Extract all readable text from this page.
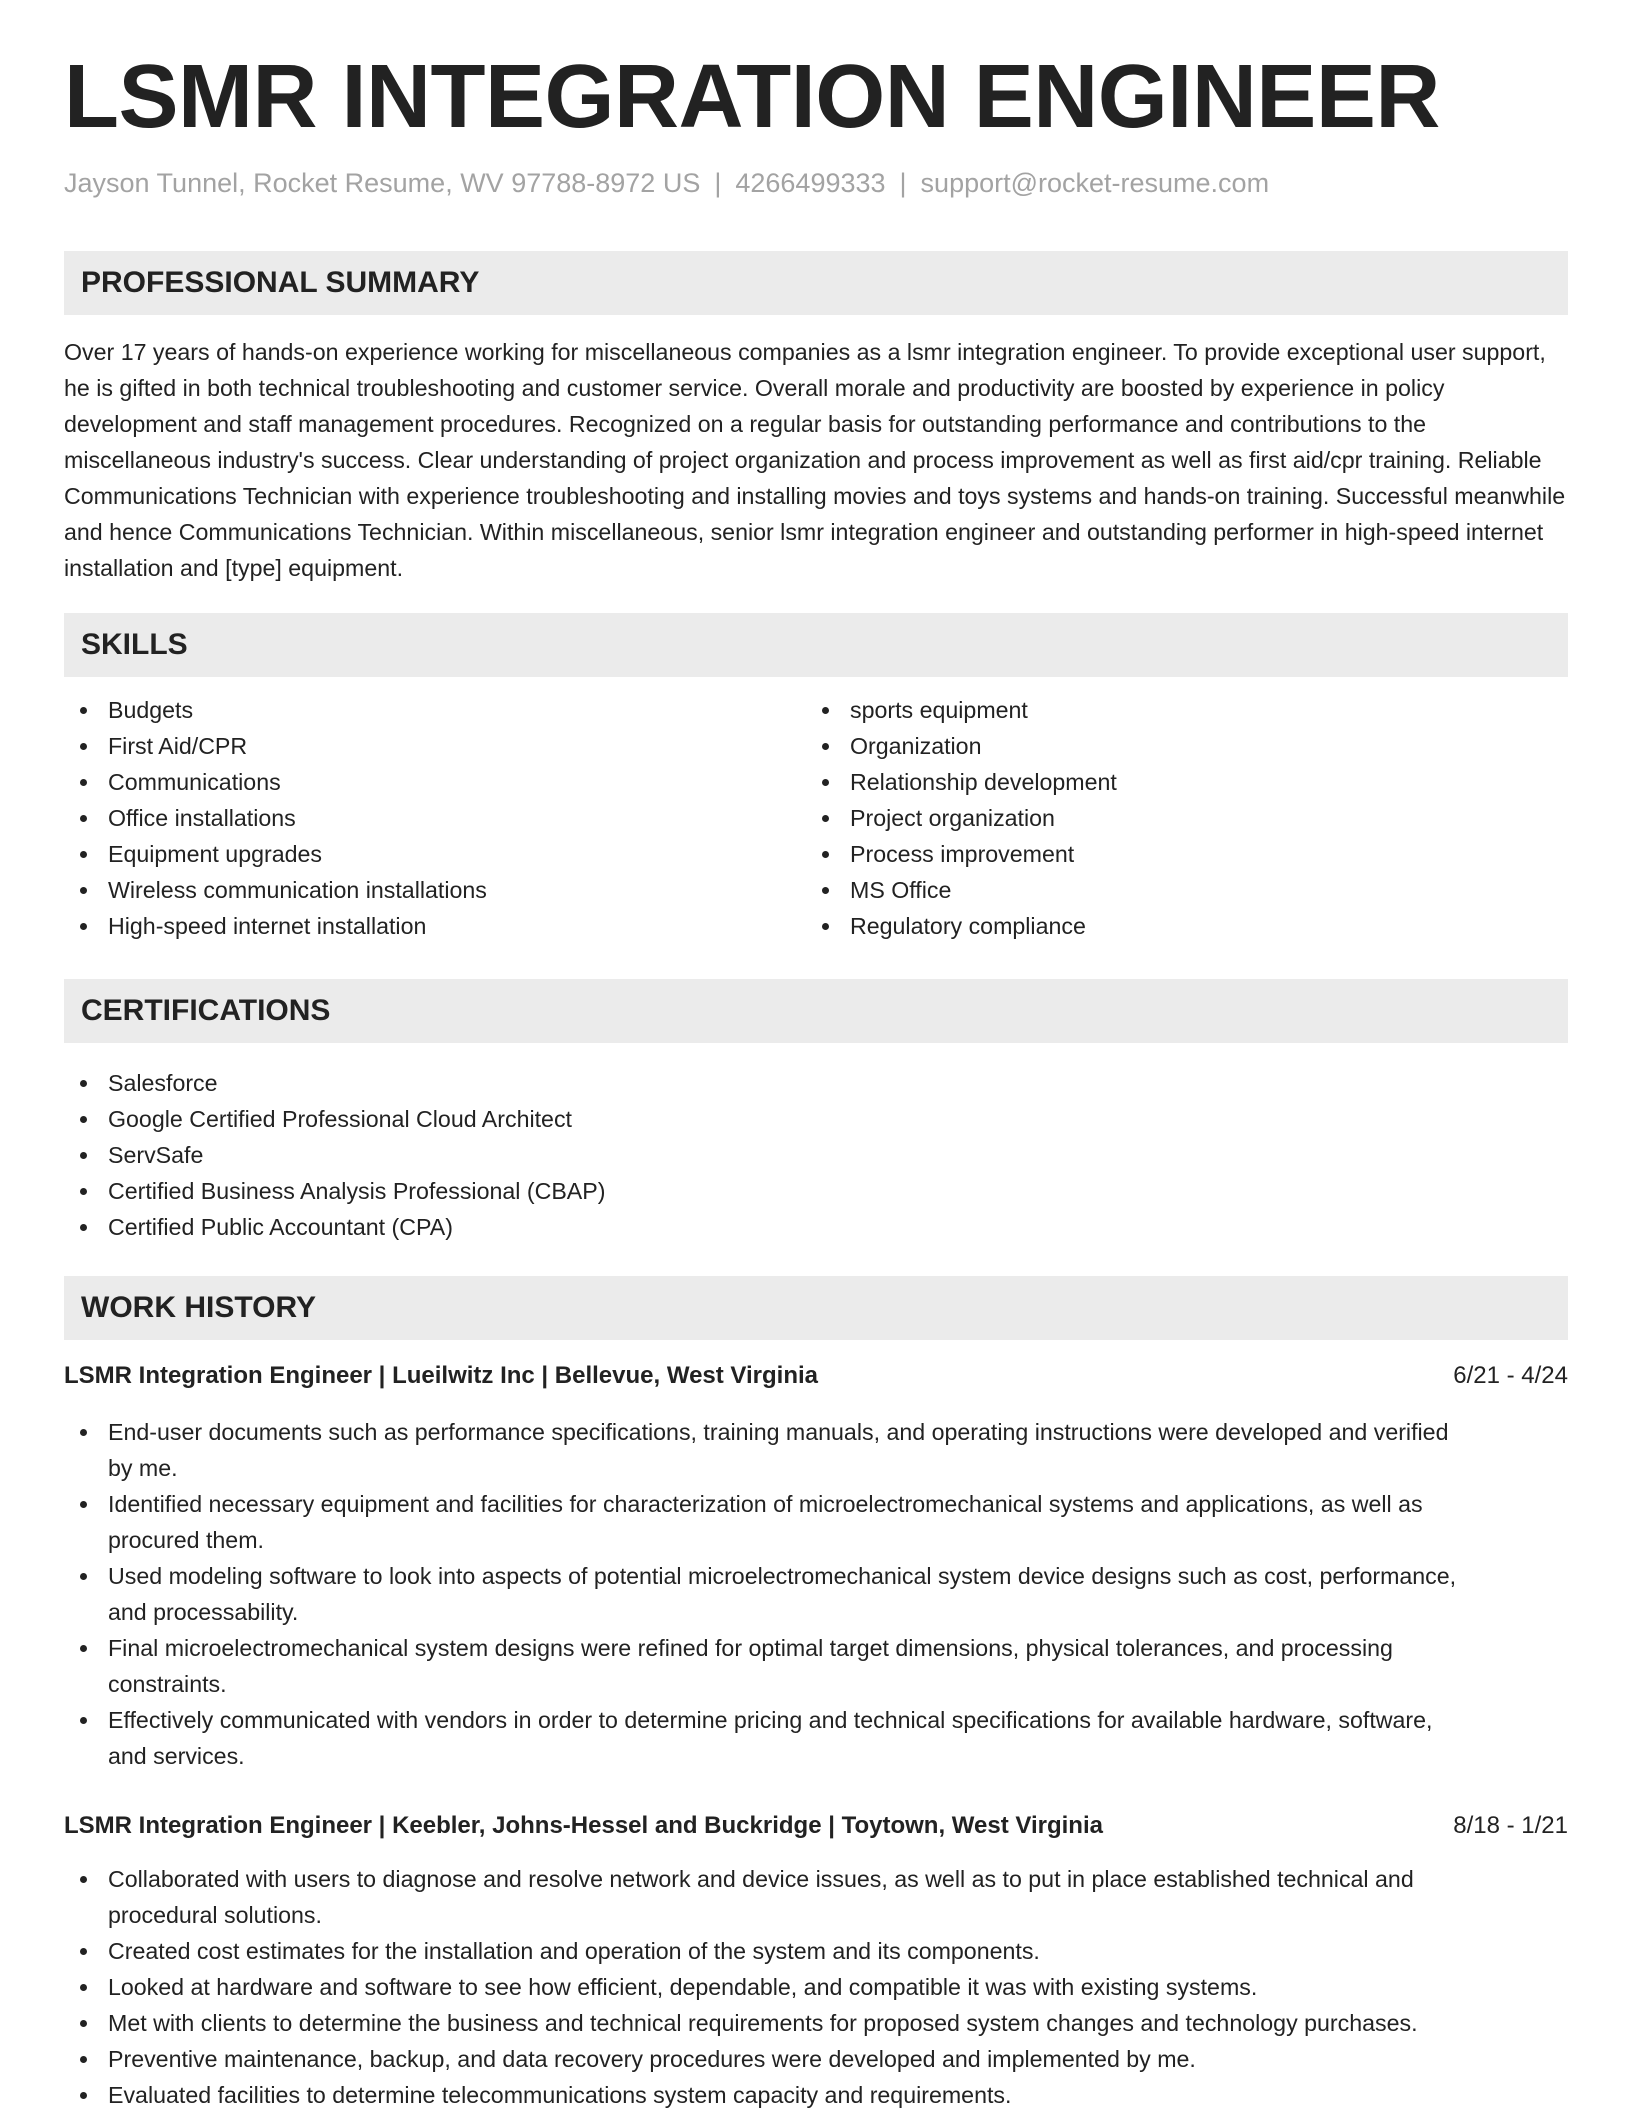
LSMR INTEGRATION ENGINEER
Jayson Tunnel, Rocket Resume, WV 97788-8972 US | 4266499333 | support@rocket-resume.com
PROFESSIONAL SUMMARY

Over 17 years of hands-on experience working for miscellaneous companies as a lsmr integration engineer. To provide exceptional user support, he is gifted in both technical troubleshooting and customer service. Overall morale and productivity are boosted by experience in policy development and staff management procedures. Recognized on a regular basis for outstanding performance and contributions to the miscellaneous industry's success. Clear understanding of project organization and process improvement as well as first aid/cpr training. Reliable Communications Technician with experience troubleshooting and installing movies and toys systems and hands-on training. Successful meanwhile and hence Communications Technician. Within miscellaneous, senior lsmr integration engineer and outstanding performer in high-speed internet installation and [type] equipment.

SKILLS
Budgets
First Aid/CPR
Communications
Office installations
Equipment upgrades
Wireless communication installations
High-speed internet installation
sports equipment
Organization
Relationship development
Project organization
Process improvement
MS Office
Regulatory compliance
CERTIFICATIONS
Salesforce
Google Certified Professional Cloud Architect
ServSafe
Certified Business Analysis Professional (CBAP)
Certified Public Accountant (CPA)
WORK HISTORY
LSMR Integration Engineer | Lueilwitz Inc | Bellevue, West Virginia	6/21 - 4/24
End-user documents such as performance specifications, training manuals, and operating instructions were developed and verified
by me.
Identified necessary equipment and facilities for characterization of microelectromechanical systems and applications, as well as
procured them.
Used modeling software to look into aspects of potential microelectromechanical system device designs such as cost, performance,
and processability.
Final microelectromechanical system designs were refined for optimal target dimensions, physical tolerances, and processing
constraints.
Effectively communicated with vendors in order to determine pricing and technical specifications for available hardware, software,
and services.
LSMR Integration Engineer | Keebler, Johns-Hessel and Buckridge | Toytown, West Virginia	8/18 - 1/21
Collaborated with users to diagnose and resolve network and device issues, as well as to put in place established technical and
procedural solutions.
Created cost estimates for the installation and operation of the system and its components.
Looked at hardware and software to see how efficient, dependable, and compatible it was with existing systems.
Met with clients to determine the business and technical requirements for proposed system changes and technology purchases.
Preventive maintenance, backup, and data recovery procedures were developed and implemented by me.
Evaluated facilities to determine telecommunications system capacity and requirements.
